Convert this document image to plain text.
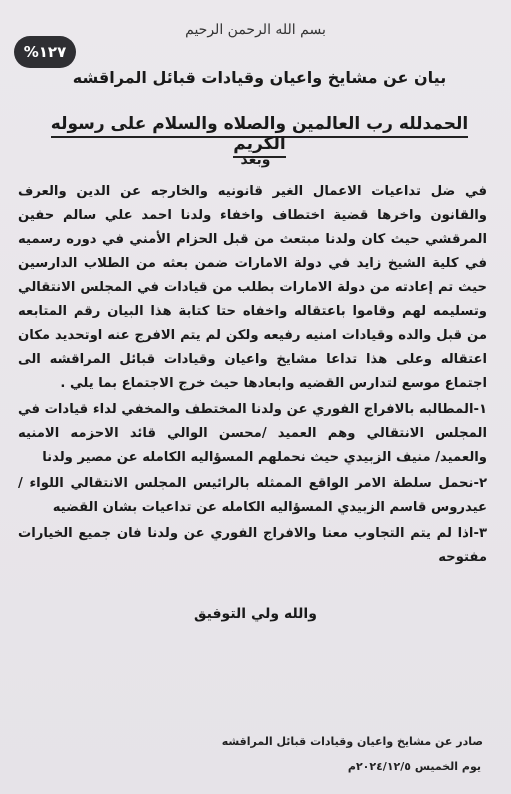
%١٢٧
بسم الله الرحمن الرحيم
بيان عن مشايخ واعيان وقيادات قبائل المراقشه
الحمدلله رب العالمين والصلاه والسلام على رسوله الكريم
وبعد

في ضل تداعيات الاعمال الغير قانونيه والخارجه عن الدين والعرف والقانون واخرها قضية اختطاف واخفاء ولدنا احمد علي سالم حفين المرقشي حيث كان ولدنا مبتعث من قبل الحزام الأمني في دوره رسميه في كلية الشيخ زايد في دولة الامارات ضمن بعثه من الطلاب الدارسين حيث تم إعادته من دولة الامارات بطلب من قيادات في المجلس الانتقالي وتسليمه لهم وقاموا باعتقاله واخفاه حتا كتابة هذا البيان رقم المتابعه من قبل والده وقيادات امنيه رفيعه ولكن لم يتم الافرج عنه اوتحديد مكان اعتقاله وعلى هذا تداعا مشايخ واعيان وقيادات قبائل المراقشه الى اجتماع موسع لتدارس القضيه وابعادها حيث خرج الاجتماع بما يلي .

١-المطالبه بالافراج الفوري عن ولدنا المختطف والمخفي لداء قيادات في المجلس الانتقالي وهم العميد /محسن الوالي قائد الاحزمه الامنيه والعميد/ منيف الزبيدي حيث نحملهم المسؤاليه الكامله عن مصير ولدنا

٢-نحمل سلطة الامر الواقع الممثله بالرائيس المجلس الانتقالي اللواء / عيدروس قاسم الزبيدي المسؤاليه الكامله عن تداعيات بشان القضيه

٣-اذا لم يتم التجاوب معنا والافراج الفوري عن ولدنا فان جميع الخيارات مفتوحه

والله ولي التوفيق
صادر عن مشايخ واعيان وقيادات قبائل المراقشه
يوم الخميس ٢٠٢٤/١٢/٥م
